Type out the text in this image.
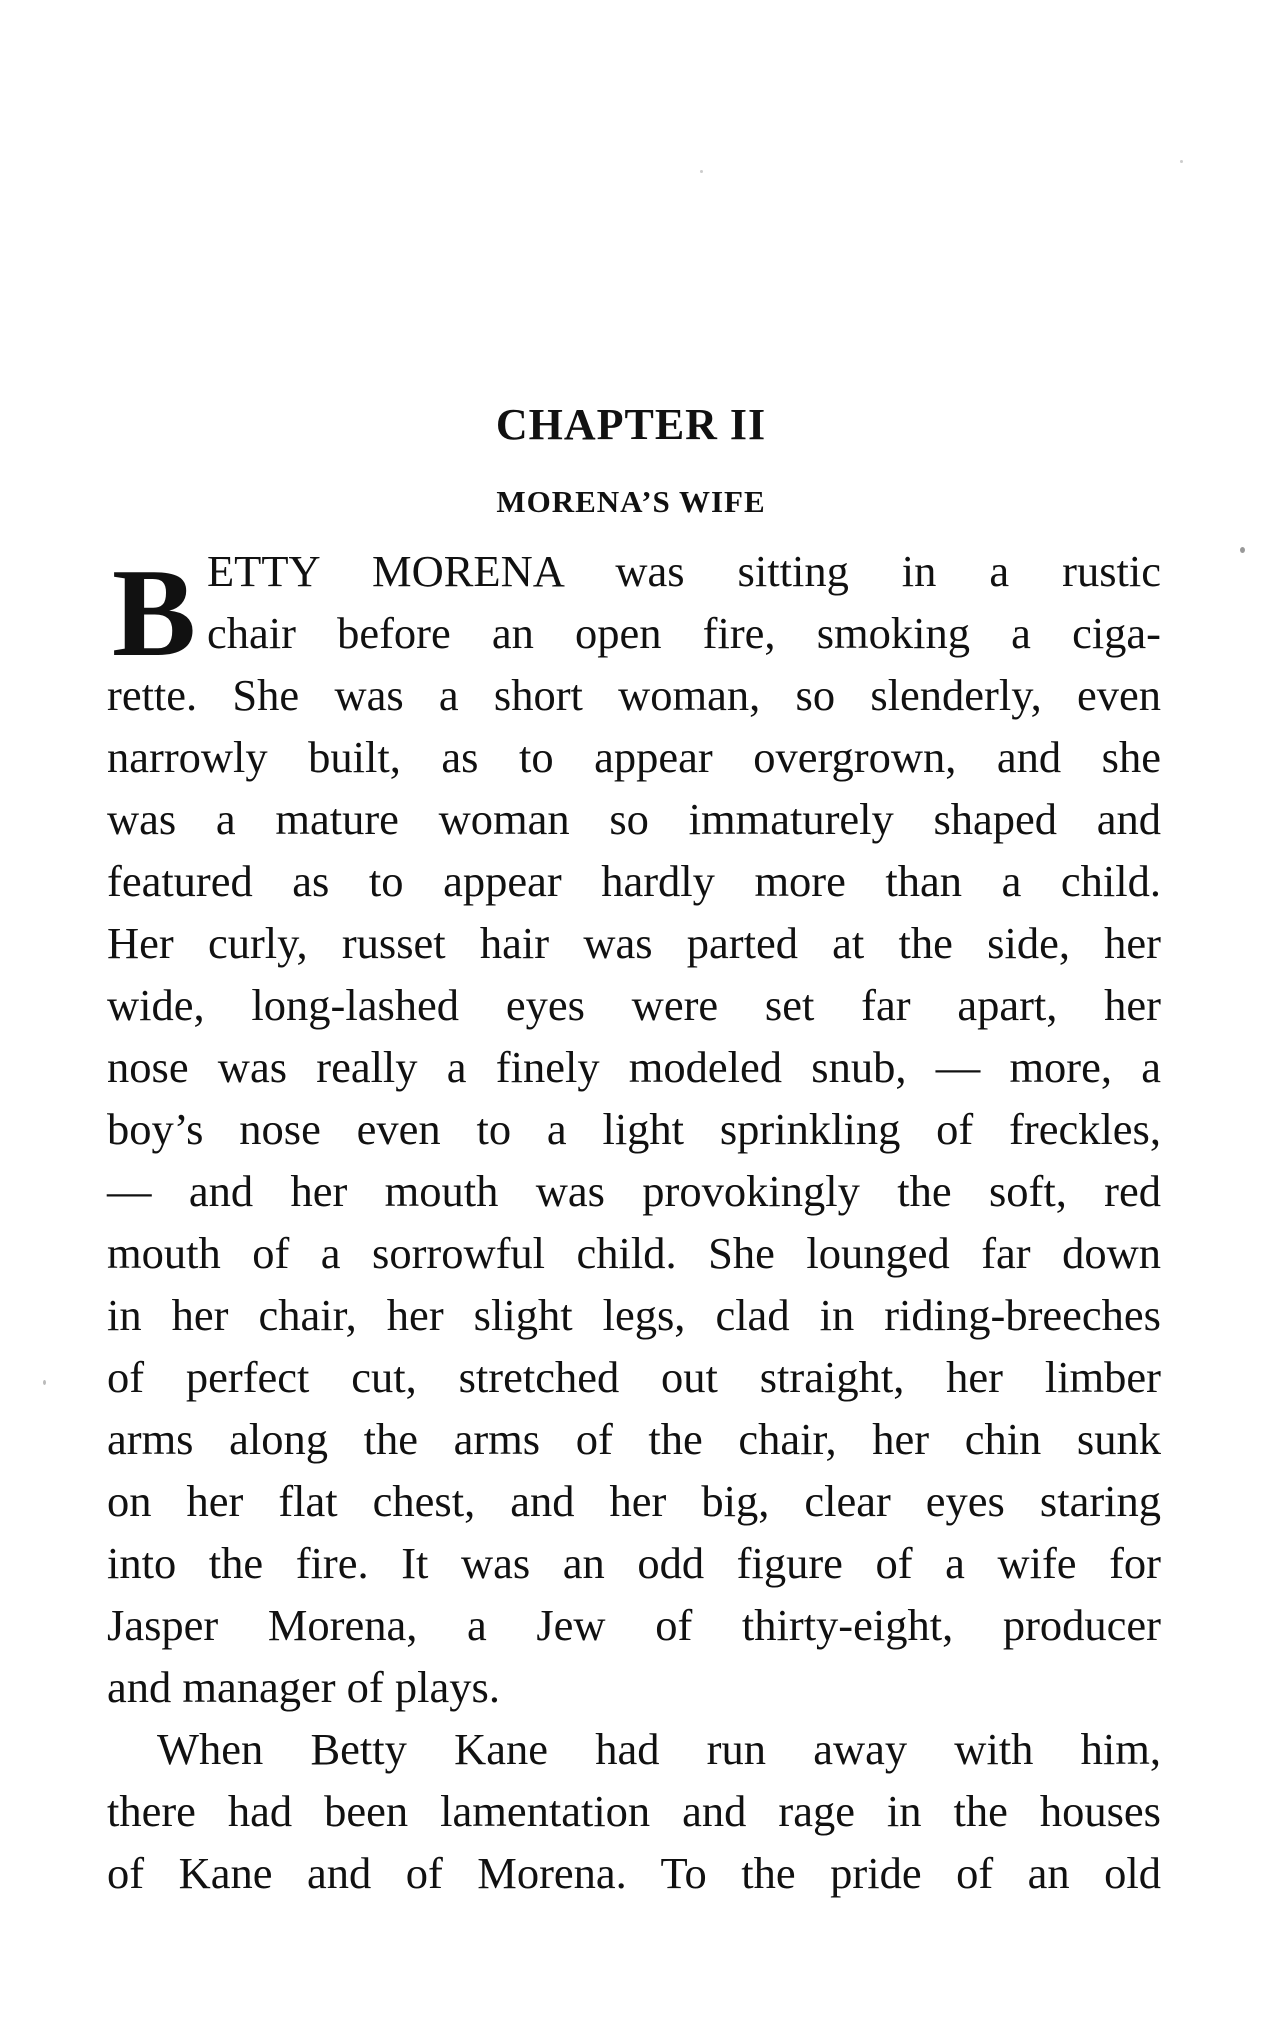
CHAPTER II
MORENA’S WIFE
B ETTY MORENA was sitting in a rustic
chair before an open fire, smoking a ciga-
rette. She was a short woman, so slenderly, even
narrowly built, as to appear overgrown, and she
was a mature woman so immaturely shaped and
featured as to appear hardly more than a child.
Her curly, russet hair was parted at the side, her
wide, long-lashed eyes were set far apart, her
nose was really a finely modeled snub, — more, a
boy’s nose even to a light sprinkling of freckles,
— and her mouth was provokingly the soft, red
mouth of a sorrowful child. She lounged far down
in her chair, her slight legs, clad in riding-breeches
of perfect cut, stretched out straight, her limber
arms along the arms of the chair, her chin sunk
on her flat chest, and her big, clear eyes staring
into the fire. It was an odd figure of a wife for
Jasper Morena, a Jew of thirty-eight, producer
and manager of plays.
When Betty Kane had run away with him,
there had been lamentation and rage in the houses
of Kane and of Morena. To the pride of an old
